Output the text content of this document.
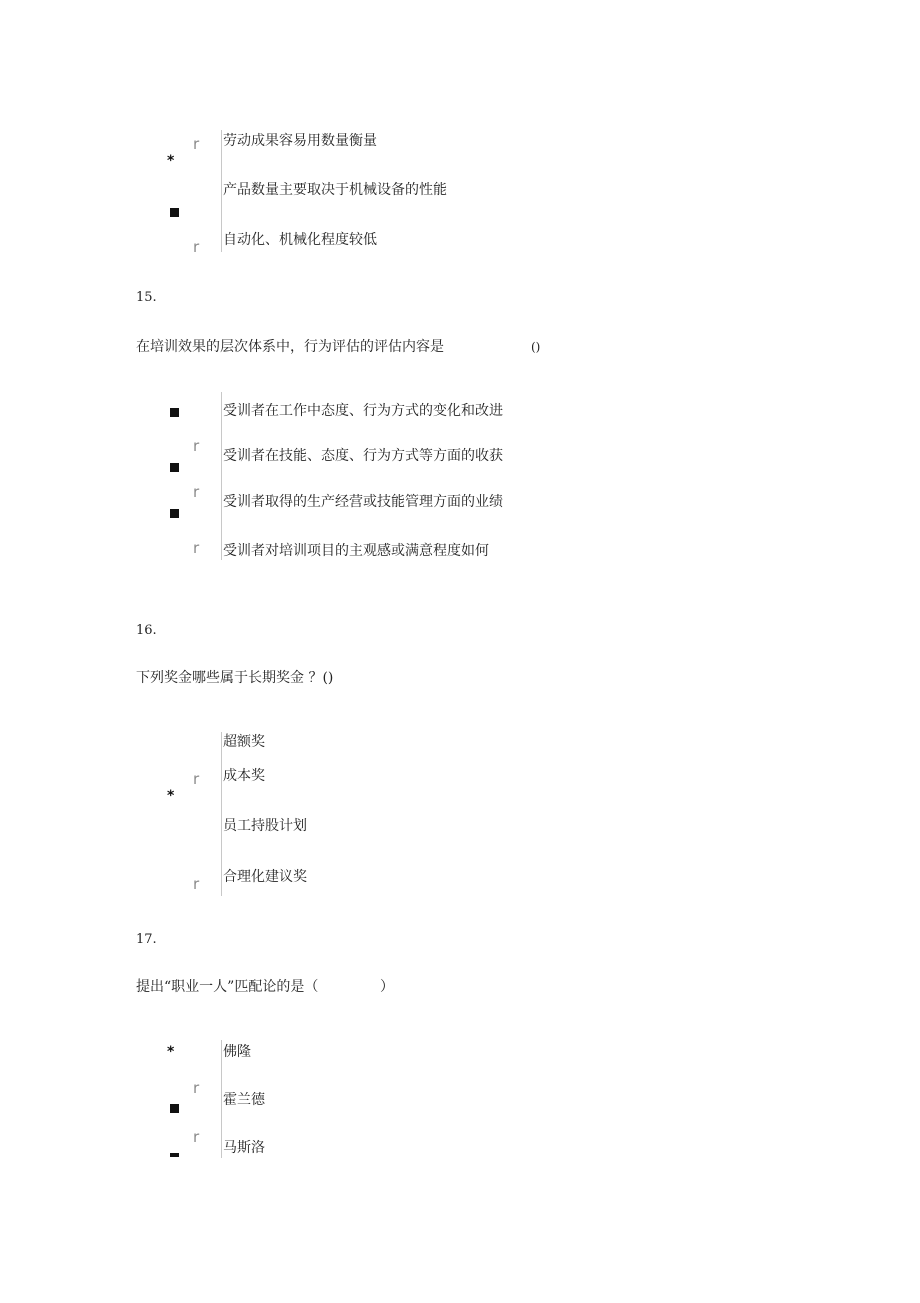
r
*
r
劳动成果容易用数量衡量
产品数量主要取决于机械设备的性能
自动化、机械化程度较低
15.
在培训效果的层次体系中，行为评估的评估内容是	()
r
r
r
受训者在工作中态度、行为方式的变化和改进
受训者在技能、态度、行为方式等方面的收获
受训者取得的生产经营或技能管理方面的业绩
受训者对培训项目的主观感或满意程度如何
16.
下列奖金哪些属于长期奖金 ？()
r
*
r
超额奖
成本奖
员工持股计划
合理化建议奖
17.
提出“职业一人”匹配论的是（	）
*
r
r
佛隆
霍兰德
马斯洛
